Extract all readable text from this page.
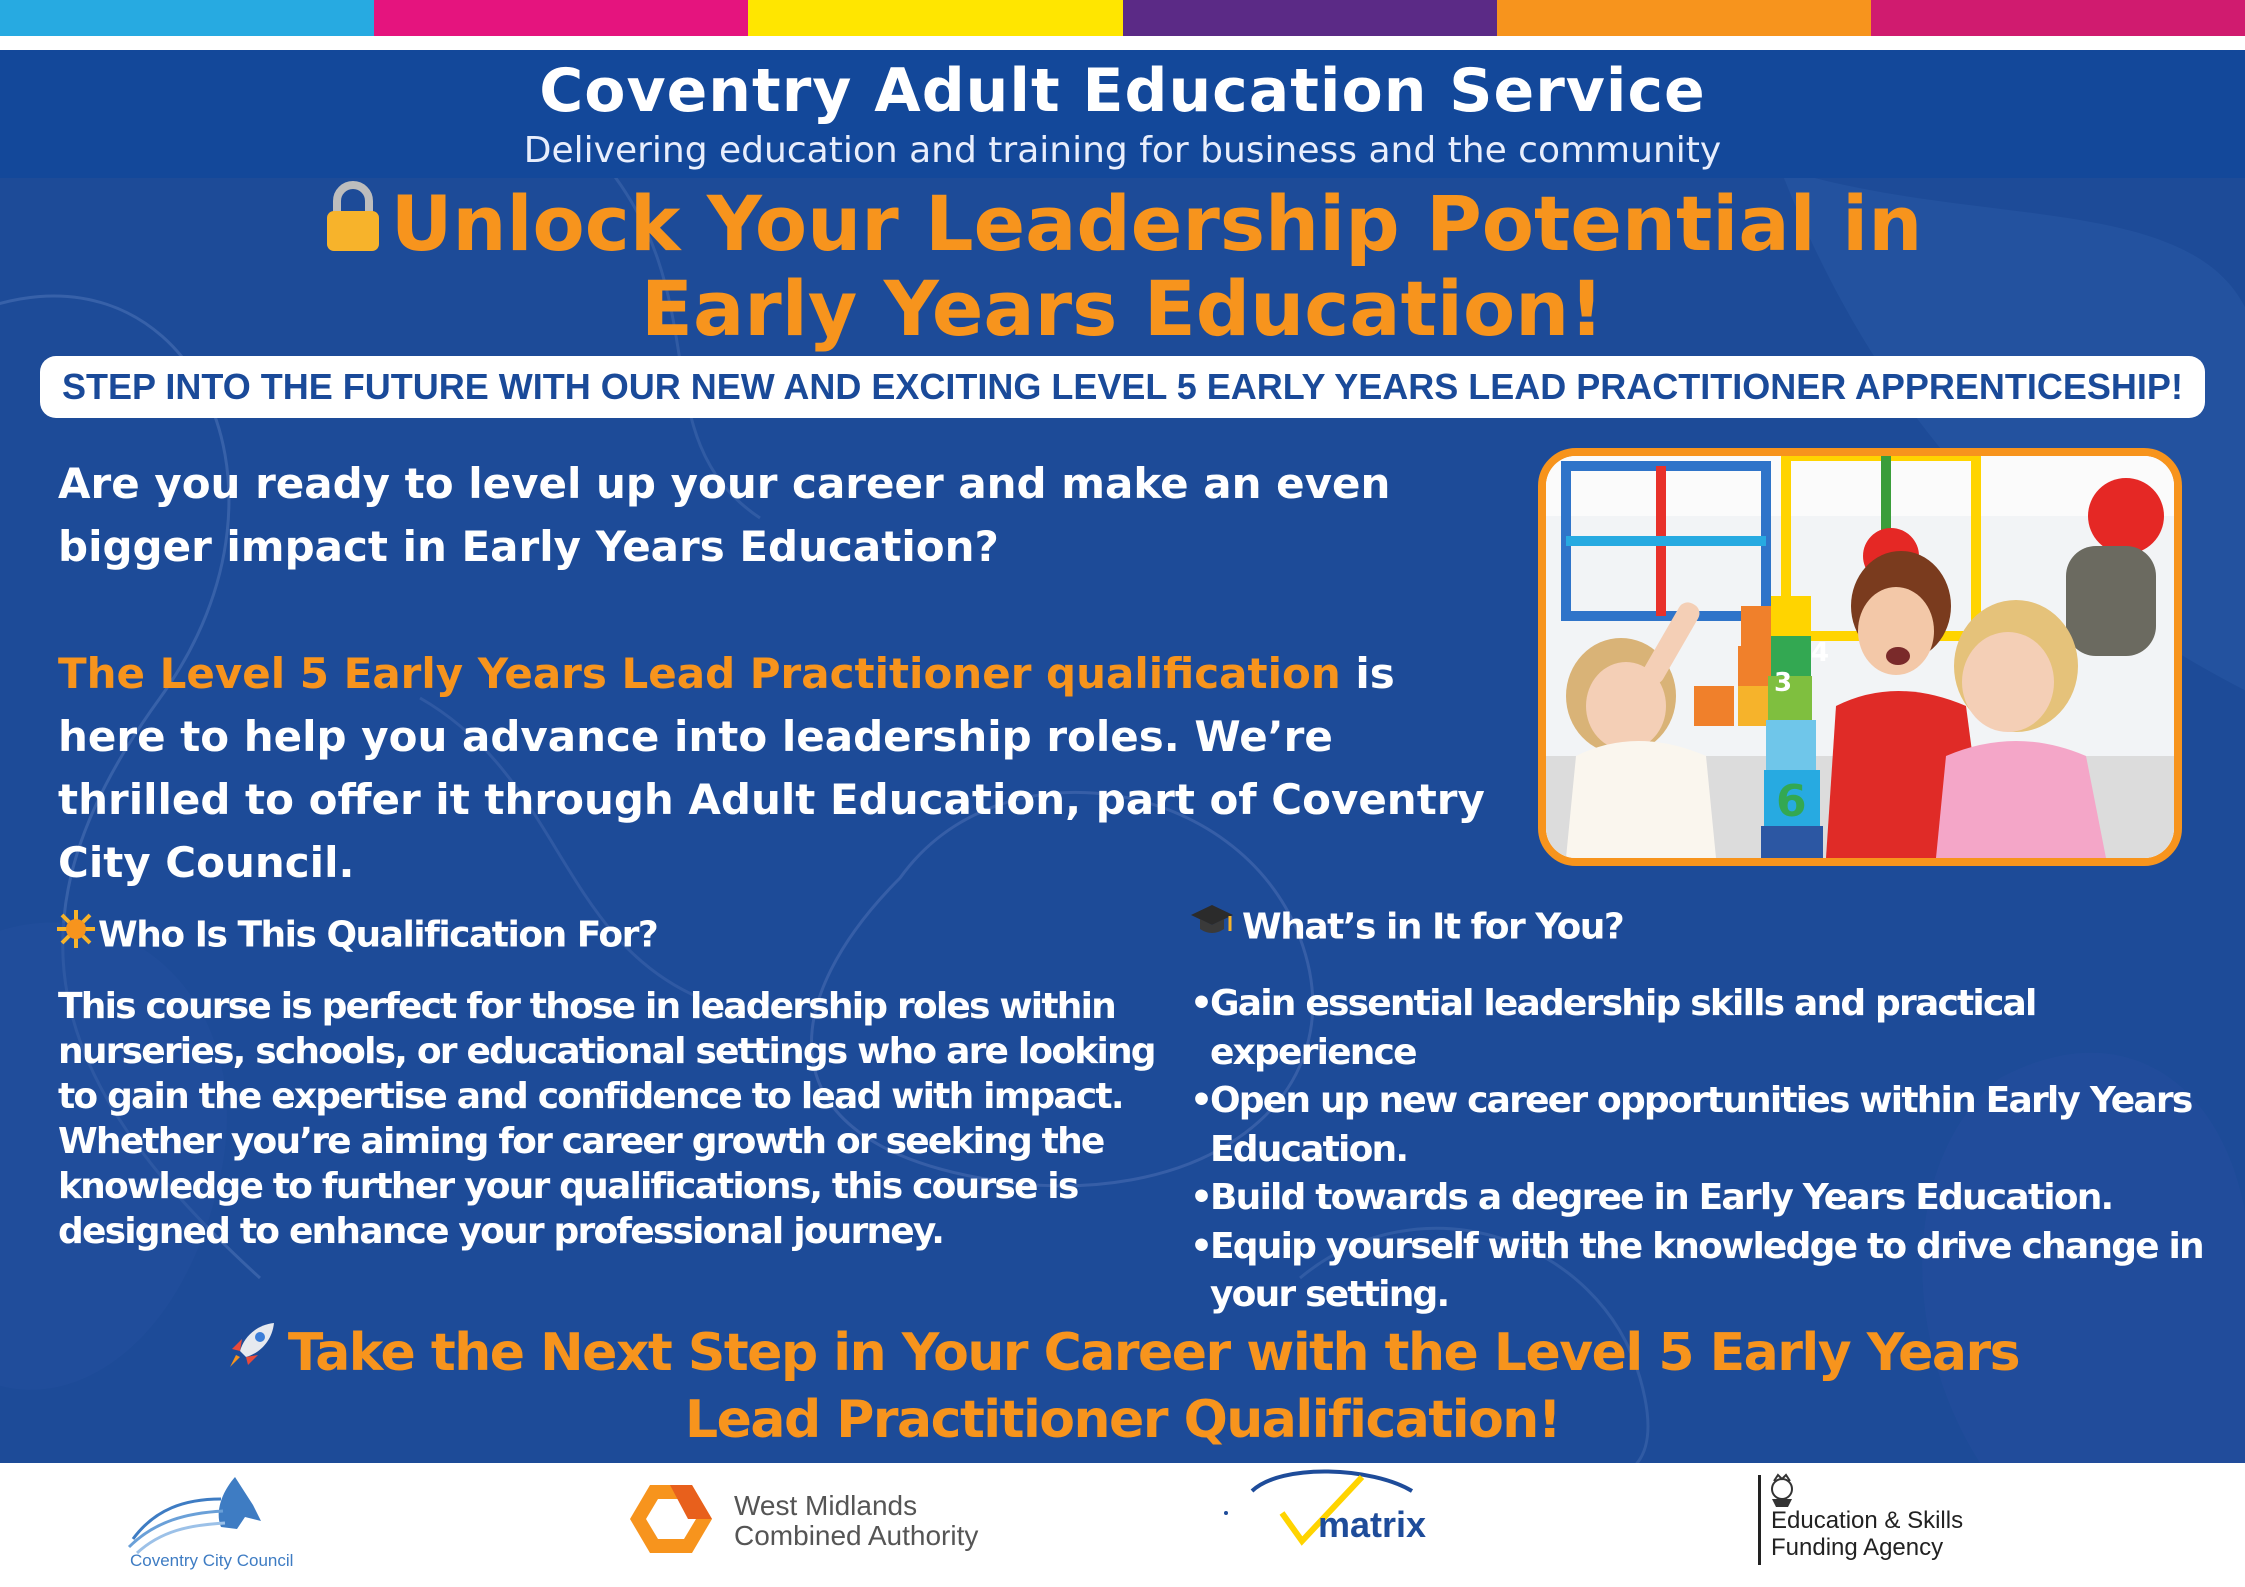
Coventry Adult Education Service
Delivering education and training for business and the community
Unlock Your Leadership Potential in
Early Years Education!
STEP INTO THE FUTURE WITH OUR NEW AND EXCITING LEVEL 5 EARLY YEARS LEAD PRACTITIONER APPRENTICESHIP!

Are you ready to level up your career and make an even bigger impact in Early Years Education?

The Level 5 Early Years Lead Practitioner qualification is here to help you advance into leadership roles. We’re thrilled to offer it through Adult Education, part of Coventry City Council.

3
4
6
Who Is This Qualification For?
This course is perfect for those in leadership roles within nurseries, schools, or educational settings who are looking to gain the expertise and confidence to lead with impact. Whether you’re aiming for career growth or seeking the knowledge to further your qualifications, this course is designed to enhance your professional journey.
What’s in It for You?
• Gain essential leadership skills and practical experience
• Open up new career opportunities within Early Years Education.
• Build towards a degree in Early Years Education.
• Equip yourself with the knowledge to drive change in your setting.
Take the Next Step in Your Career with the Level 5 Early Years
Lead Practitioner Qualification!
Coventry City Council
West Midlands
Combined Authority	matrix	Education & Skills
Funding Agency
